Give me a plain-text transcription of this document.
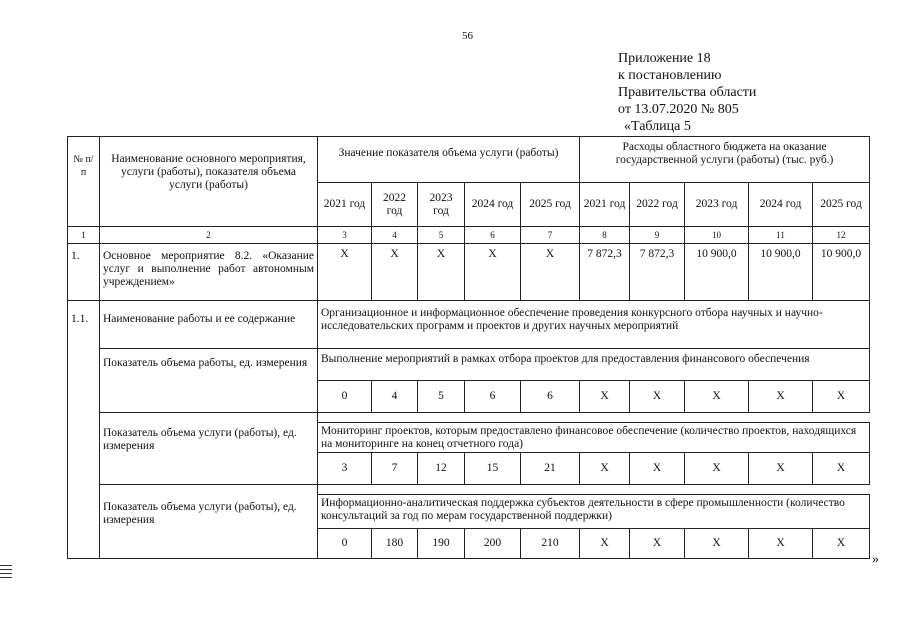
56
Приложение 18
к постановлению
Правительства области
от 13.07.2020 № 805
«Таблица 5
№ п/п	Наименование основного мероприятия, услуги (работы), показателя объема услуги (работы)	Значение показателя объема услуги (работы)					Расходы областного бюджета на оказание государственной услуги (работы) (тыс. руб.)				
		2021 год	2022 год	2023 год	2024 год	2025 год	2021 год	2022 год	2023 год	2024 год	2025 год
1	2	3	4	5	6	7	8	9	10	11	12
1.	Основное мероприятие 8.2. «Оказание услуг и выполнение работ автономным учреждением»	X	X	X	X	X	7 872,3	7 872,3	10 900,0	10 900,0	10 900,0
1.1.	Наименование работы и ее содержание	Организационное и информационное обеспечение проведения конкурсного отбора научных и научно-исследовательских программ и проектов и других научных мероприятий									
	Показатель объема работы, ед. измерения	Выполнение мероприятий в рамках отбора проектов для предоставления финансового обеспечения									
		0	4	5	6	6	X	X	X	X	X

	Показатель объема услуги (работы), ед. измерения	Мониторинг проектов, которым предоставлено финансовое обеспечение (количество проектов, находящихся на мониторинге на конец отчетного года)									
		3	7	12	15	21	X	X	X	X	X

	Показатель объема услуги (работы), ед. измерения	Информационно-аналитическая поддержка субъектов деятельности в сфере промышленности (количество консультаций за год по мерам государственной поддержки)									
		0	180	190	200	210	X	X	X	X	X
»
